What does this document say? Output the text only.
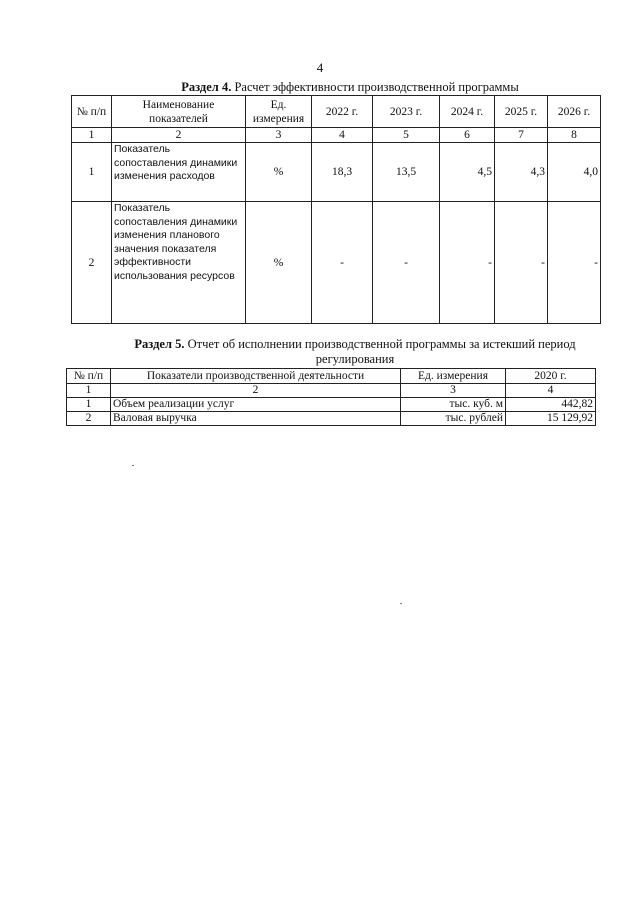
4
Раздел 4. Расчет эффективности производственной программы
№ п/п	Наименование показателей	Ед. измерения	2022 г.	2023 г.	2024 г.	2025 г.	2026 г.
1	2	3	4	5	6	7	8
1	Показатель сопоставления динамики изменения расходов	%	18,3	13,5	4,5	4,3	4,0
2	Показатель сопоставления динамики изменения планового значения показателя эффективности использования ресурсов	%	-	-	-	-	-
Раздел 5. Отчет об исполнении производственной программы за истекший период регулирования
№ п/п	Показатели производственной деятельности	Ед. измерения	2020 г.
1	2	3	4
1	Объем реализации услуг	тыс. куб. м	442,82
2	Валовая выручка	тыс. рублей	15 129,92
